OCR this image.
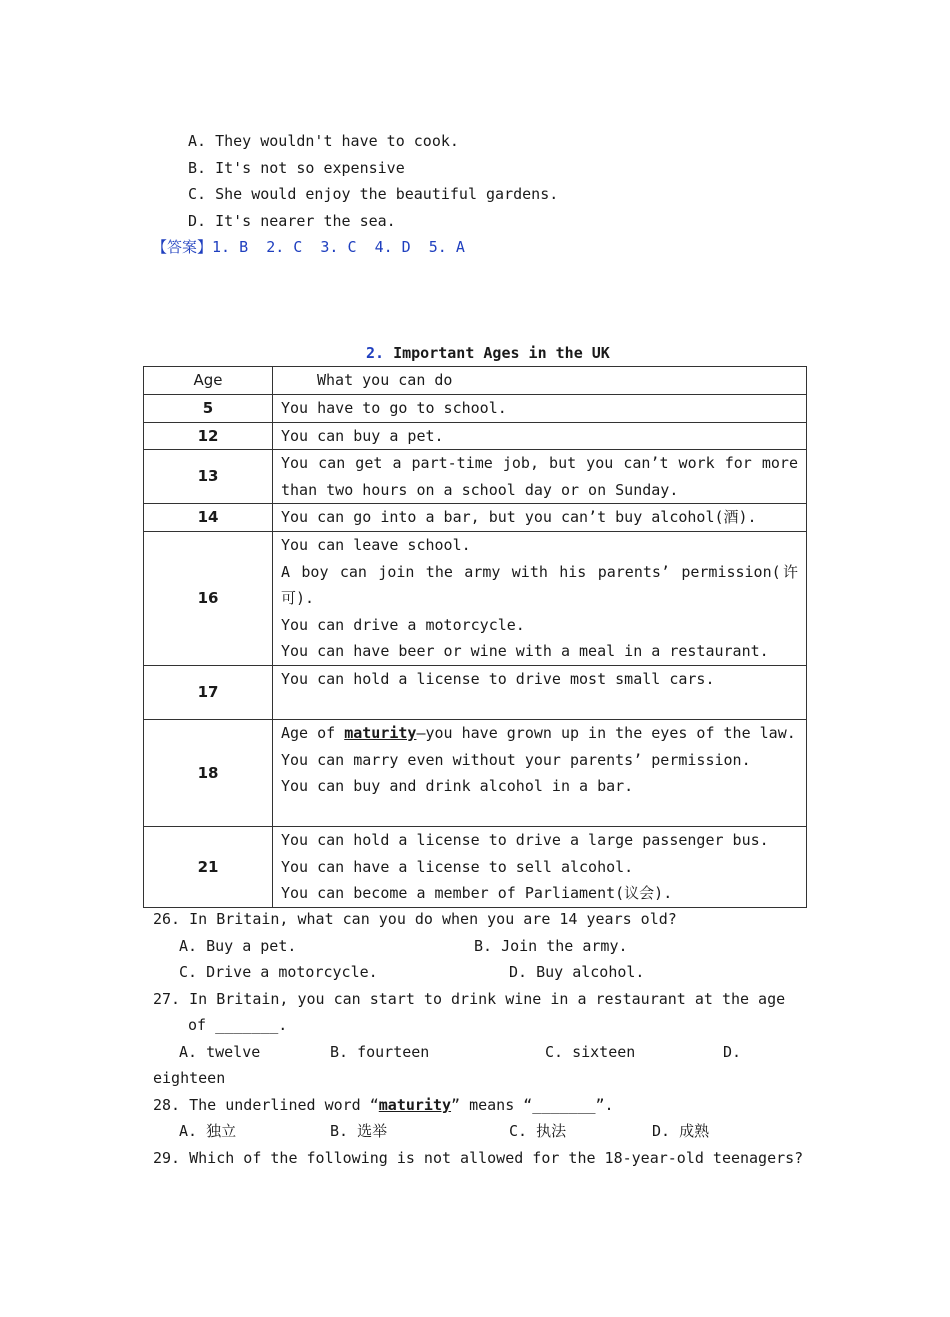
A. They wouldn't have to cook.
B. It's not so expensive
C. She would enjoy the beautiful gardens.
D. It's nearer the sea.
【答案】1. B  2. C  3. C  4. D  5. A
2. Important Ages in the UK
Age	What you can do
5	You have to go to school.

12	You can buy a pet.

13	You can get a part-time job, but you can’t work for more than two hours on a school day or on Sunday.

14	You can go into a bar, but you can’t buy alcohol(酒).

16	You can leave school.
A boy can join the army with his parents’ permission(许可).
You can drive a motorcycle.
You can have beer or wine with a meal in a restaurant.

17	You can hold a license to drive most small cars.

18	Age of maturity—you have grown up in the eyes of the law.
You can marry even without your parents’ permission.
You can buy and drink alcohol in a bar.

21	You can hold a license to drive a large passenger bus.
You can have a license to sell alcohol.
You can become a member of Parliament(议会).
26. In Britain, what can you do when you are 14 years old?
A. Buy a pet.	B. Join the army.
C. Drive a motorcycle.	D. Buy alcohol.
27. In Britain, you can start to drink wine in a restaurant at the age
of _______.
A. twelve	B. fourteen	C. sixteen	D.
eighteen
28. The underlined word “maturity” means “_______”.
A. 独立	B. 选举	C. 执法	D. 成熟
29. Which of the following is not allowed for the 18-year-old teenagers?
